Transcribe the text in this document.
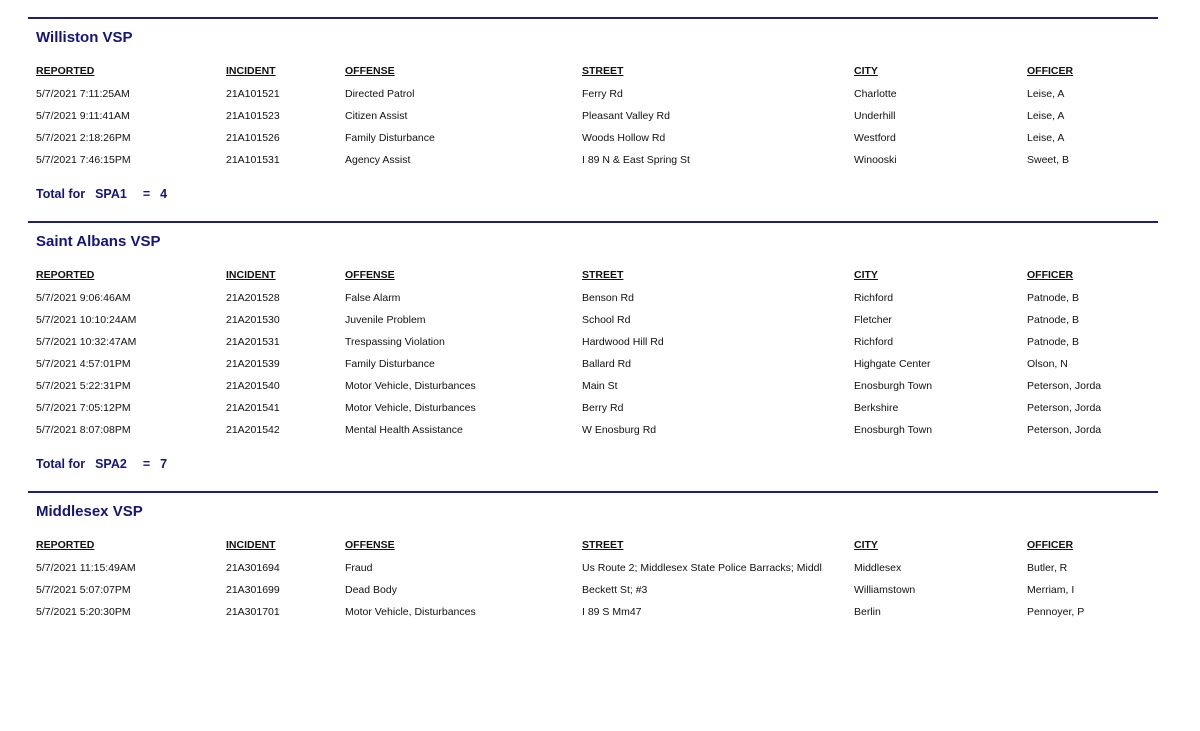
Williston VSP
REPORTED	INCIDENT	OFFENSE	STREET	CITY	OFFICER
5/7/2021 7:11:25AM	21A101521	Directed Patrol	Ferry Rd	Charlotte	Leise, A
5/7/2021 9:11:41AM	21A101523	Citizen Assist	Pleasant Valley Rd	Underhill	Leise, A
5/7/2021 2:18:26PM	21A101526	Family Disturbance	Woods Hollow Rd	Westford	Leise, A
5/7/2021 7:46:15PM	21A101531	Agency Assist	I 89 N & East Spring St	Winooski	Sweet, B
Total for SPA1 = 4
Saint Albans VSP
REPORTED	INCIDENT	OFFENSE	STREET	CITY	OFFICER
5/7/2021 9:06:46AM	21A201528	False Alarm	Benson Rd	Richford	Patnode, B
5/7/2021 10:10:24AM	21A201530	Juvenile Problem	School Rd	Fletcher	Patnode, B
5/7/2021 10:32:47AM	21A201531	Trespassing Violation	Hardwood Hill Rd	Richford	Patnode, B
5/7/2021 4:57:01PM	21A201539	Family Disturbance	Ballard Rd	Highgate Center	Olson, N
5/7/2021 5:22:31PM	21A201540	Motor Vehicle, Disturbances	Main St	Enosburgh Town	Peterson, Jorda
5/7/2021 7:05:12PM	21A201541	Motor Vehicle, Disturbances	Berry Rd	Berkshire	Peterson, Jorda
5/7/2021 8:07:08PM	21A201542	Mental Health Assistance	W Enosburg Rd	Enosburgh Town	Peterson, Jorda
Total for SPA2 = 7
Middlesex VSP
REPORTED	INCIDENT	OFFENSE	STREET	CITY	OFFICER
5/7/2021 11:15:49AM	21A301694	Fraud	Us Route 2; Middlesex State Police Barracks; Middl	Middlesex	Butler, R
5/7/2021 5:07:07PM	21A301699	Dead Body	Beckett St; #3	Williamstown	Merriam, I
5/7/2021 5:20:30PM	21A301701	Motor Vehicle, Disturbances	I 89 S Mm47	Berlin	Pennoyer, P
